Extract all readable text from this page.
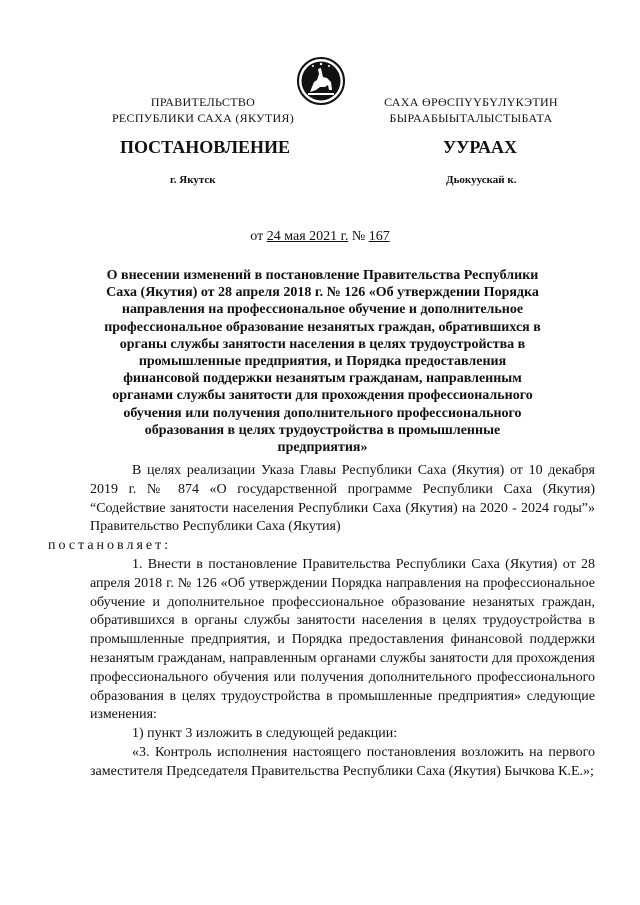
ПРАВИТЕЛЬСТВО
РЕСПУБЛИКИ САХА (ЯКУТИЯ)
САХА ӨРӨСПҮҮБҮЛҮКЭТИН
БЫРААБЫЫТАЛЫСТЫБАТА
ПОСТАНОВЛЕНИЕ	УУРААХ
г. Якутск	Дьокуускай к.
от 24 мая 2021 г. № 167
О внесении изменений в постановление Правительства Республики Саха (Якутия) от 28 апреля 2018 г. № 126 «Об утверждении Порядка направления на профессиональное обучение и дополнительное профессиональное образование незанятых граждан, обратившихся в органы службы занятости населения в целях трудоустройства в промышленные предприятия, и Порядка предоставления финансовой поддержки незанятым гражданам, направленным органами службы занятости для прохождения профессионального обучения или получения дополнительного профессионального образования в целях трудоустройства в промышленные предприятия»

В целях реализации Указа Главы Республики Саха (Якутия) от 10 декабря 2019 г. № 874 «О государственной программе Республики Саха (Якутия) “Содействие занятости населения Республики Саха (Якутия) на 2020 - 2024 годы”» Правительство Республики Саха (Якутия)
постановляет:

1. Внести в постановление Правительства Республики Саха (Якутия) от 28 апреля 2018 г. № 126 «Об утверждении Порядка направления на профессиональное обучение и дополнительное профессиональное образование незанятых граждан, обратившихся в органы службы занятости населения в целях трудоустройства в промышленные предприятия, и Порядка предоставления финансовой поддержки незанятым гражданам, направленным органами службы занятости для прохождения профессионального обучения или получения дополнительного профессионального образования в целях трудоустройства в промышленные предприятия» следующие изменения:

1) пункт 3 изложить в следующей редакции:

«3. Контроль исполнения настоящего постановления возложить на первого заместителя Председателя Правительства Республики Саха (Якутия) Бычкова К.Е.»;
